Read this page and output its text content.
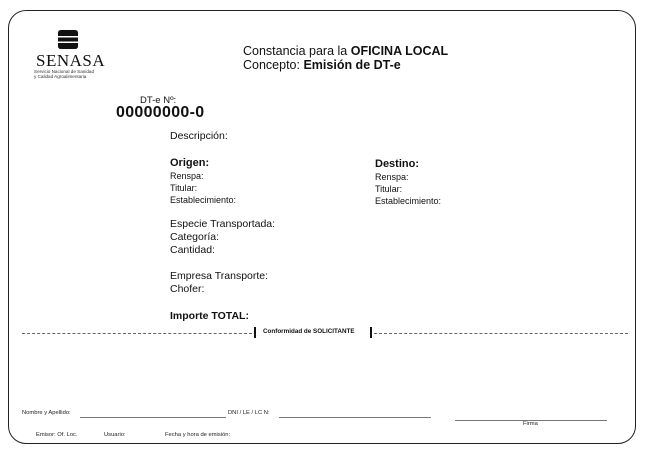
SENASA
Servicio Nacional de Sanidad
y Calidad Agroalimentaria
Constancia para la OFICINA LOCAL
Concepto: Emisión de DT-e
DT-e Nº:
00000000-0
Descripción:
Origen:
Renspa:
Titular:
Establecimiento:
Destino:
Renspa:
Titular:
Establecimiento:
Especie Transportada:
Categoría:
Cantidad:
Empresa Transporte:
Chofer:
Importe TOTAL:
Conformidad de SOLICITANTE
Nombre y Apellido:	DNI / LE / LC N:
Firma
Emisor: Of. Loc.	Usuario:	Fecha y hora de emisión:
